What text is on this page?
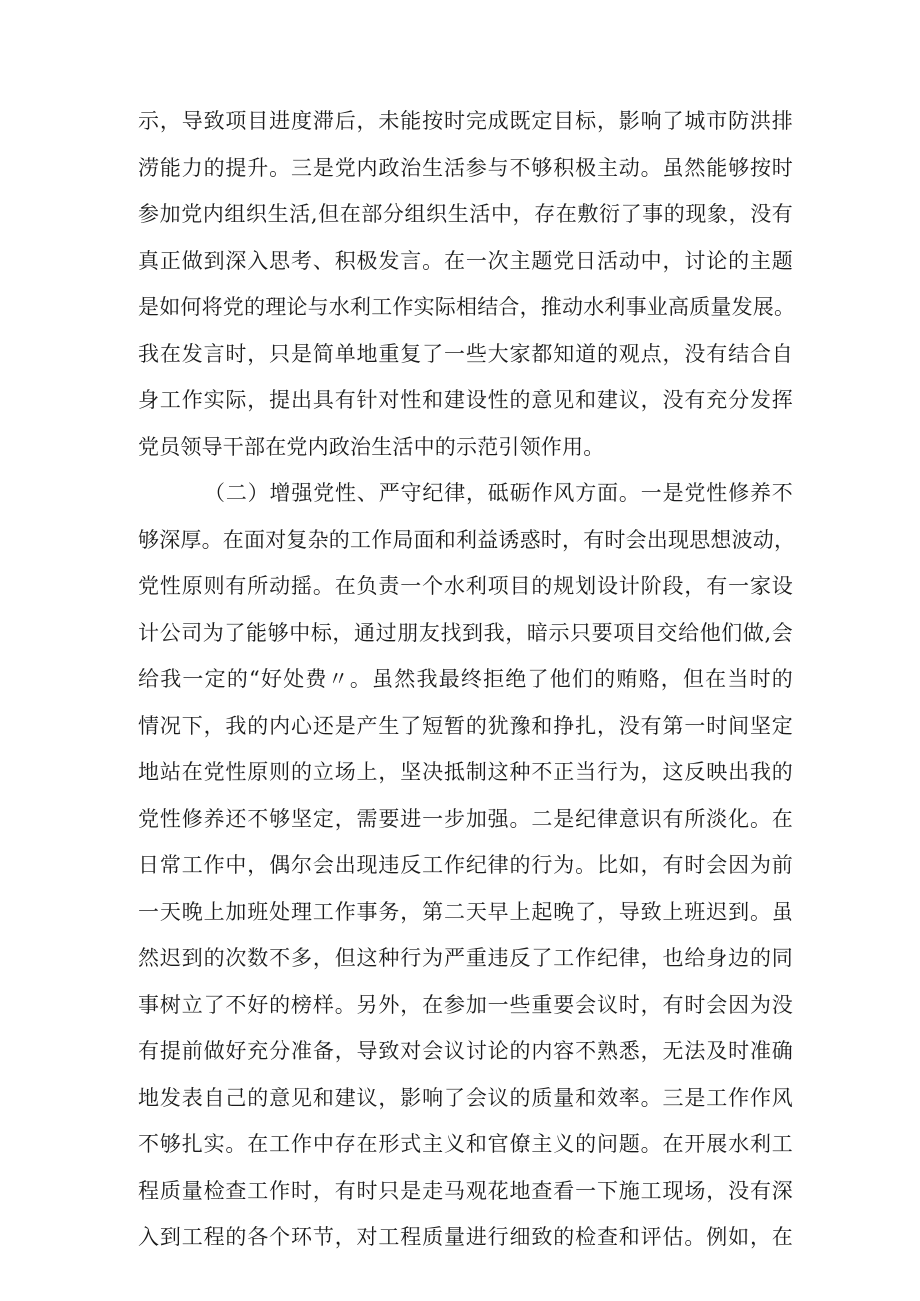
示，导致项目进度滞后，未能按时完成既定目标，影响了城市防洪排
涝能力的提升。三是党内政治生活参与不够积极主动。虽然能够按时
参加党内组织生活,但在部分组织生活中，存在敷衍了事的现象，没有
真正做到深入思考、积极发言。在一次主题党日活动中，讨论的主题
是如何将党的理论与水利工作实际相结合，推动水利事业高质量发展。
我在发言时，只是简单地重复了一些大家都知道的观点，没有结合自
身工作实际，提出具有针对性和建设性的意见和建议，没有充分发挥
党员领导干部在党内政治生活中的示范引领作用。
（二）增强党性、严守纪律，砥砺作风方面。一是党性修养不
够深厚。在面对复杂的工作局面和利益诱惑时，有时会出现思想波动，
党性原则有所动摇。在负责一个水利项目的规划设计阶段，有一家设
计公司为了能够中标，通过朋友找到我，暗示只要项目交给他们做,会
给我一定的“好处费〃。虽然我最终拒绝了他们的贿赂，但在当时的
情况下，我的内心还是产生了短暂的犹豫和挣扎，没有第一时间坚定
地站在党性原则的立场上，坚决抵制这种不正当行为，这反映出我的
党性修养还不够坚定，需要进一步加强。二是纪律意识有所淡化。在
日常工作中，偶尔会出现违反工作纪律的行为。比如，有时会因为前
一天晚上加班处理工作事务，第二天早上起晚了，导致上班迟到。虽
然迟到的次数不多，但这种行为严重违反了工作纪律，也给身边的同
事树立了不好的榜样。另外，在参加一些重要会议时，有时会因为没
有提前做好充分准备，导致对会议讨论的内容不熟悉，无法及时准确
地发表自己的意见和建议，影响了会议的质量和效率。三是工作作风
不够扎实。在工作中存在形式主义和官僚主义的问题。在开展水利工
程质量检查工作时，有时只是走马观花地查看一下施工现场，没有深
入到工程的各个环节，对工程质量进行细致的检查和评估。例如，在
